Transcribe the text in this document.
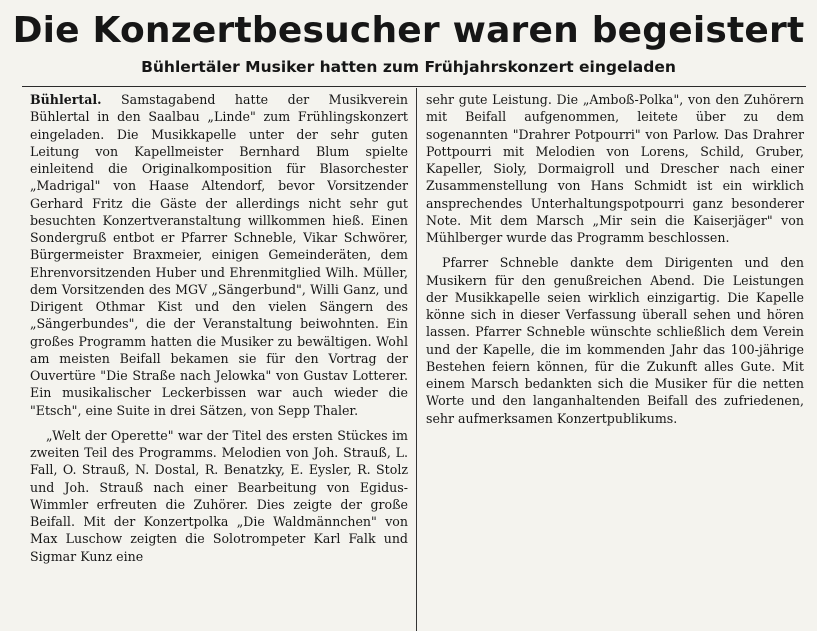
Die Konzertbesucher waren begeistert
Bühlertäler Musiker hatten zum Frühjahrskonzert eingeladen

Bühlertal. Samstagabend hatte der Musikverein Bühlertal in den Saalbau „Linde" zum Frühlingskonzert eingeladen. Die Musikkapelle unter der sehr guten Leitung von Kapellmeister Bernhard Blum spielte einleitend die Originalkomposition für Blasorchester „Madrigal" von Haase Altendorf, bevor Vorsitzender Gerhard Fritz die Gäste der allerdings nicht sehr gut besuchten Konzertveranstaltung willkommen hieß. Einen Sondergruß entbot er Pfarrer Schneble, Vikar Schwörer, Bürgermeister Braxmeier, einigen Gemeinderäten, dem Ehrenvorsitzenden Huber und Ehrenmitglied Wilh. Müller, dem Vorsitzenden des MGV „Sängerbund", Willi Ganz, und Dirigent Othmar Kist und den vielen Sängern des „Sängerbundes", die der Veranstaltung beiwohnten. Ein großes Programm hatten die Musiker zu bewältigen. Wohl am meisten Beifall bekamen sie für den Vortrag der Ouvertüre "Die Straße nach Jelowka" von Gustav Lotterer. Ein musikalischer Leckerbissen war auch wieder die "Etsch", eine Suite in drei Sätzen, von Sepp Thaler.

„Welt der Operette" war der Titel des ersten Stückes im zweiten Teil des Programms. Melodien von Joh. Strauß, L. Fall, O. Strauß, N. Dostal, R. Benatzky, E. Eysler, R. Stolz und Joh. Strauß nach einer Bearbeitung von Egidus-Wimmler erfreuten die Zuhörer. Dies zeigte der große Beifall. Mit der Konzertpolka „Die Waldmännchen" von Max Luschow zeigten die Solotrompeter Karl Falk und Sigmar Kunz eine

sehr gute Leistung. Die „Amboß-Polka", von den Zuhörern mit Beifall aufgenommen, leitete über zu dem sogenannten "Drahrer Potpourri" von Parlow. Das Drahrer Pottpourri mit Melodien von Lorens, Schild, Gruber, Kapeller, Sioly, Dormaigroll und Drescher nach einer Zusammenstellung von Hans Schmidt ist ein wirklich ansprechendes Unterhaltungspotpourri ganz besonderer Note. Mit dem Marsch „Mir sein die Kaiserjäger" von Mühlberger wurde das Programm beschlossen.

Pfarrer Schneble dankte dem Dirigenten und den Musikern für den genußreichen Abend. Die Leistungen der Musikkapelle seien wirklich einzigartig. Die Kapelle könne sich in dieser Verfassung überall sehen und hören lassen. Pfarrer Schneble wünschte schließlich dem Verein und der Kapelle, die im kommenden Jahr das 100-jährige Bestehen feiern können, für die Zukunft alles Gute. Mit einem Marsch bedankten sich die Musiker für die netten Worte und den langanhaltenden Beifall des zufriedenen, sehr aufmerksamen Konzertpublikums.
